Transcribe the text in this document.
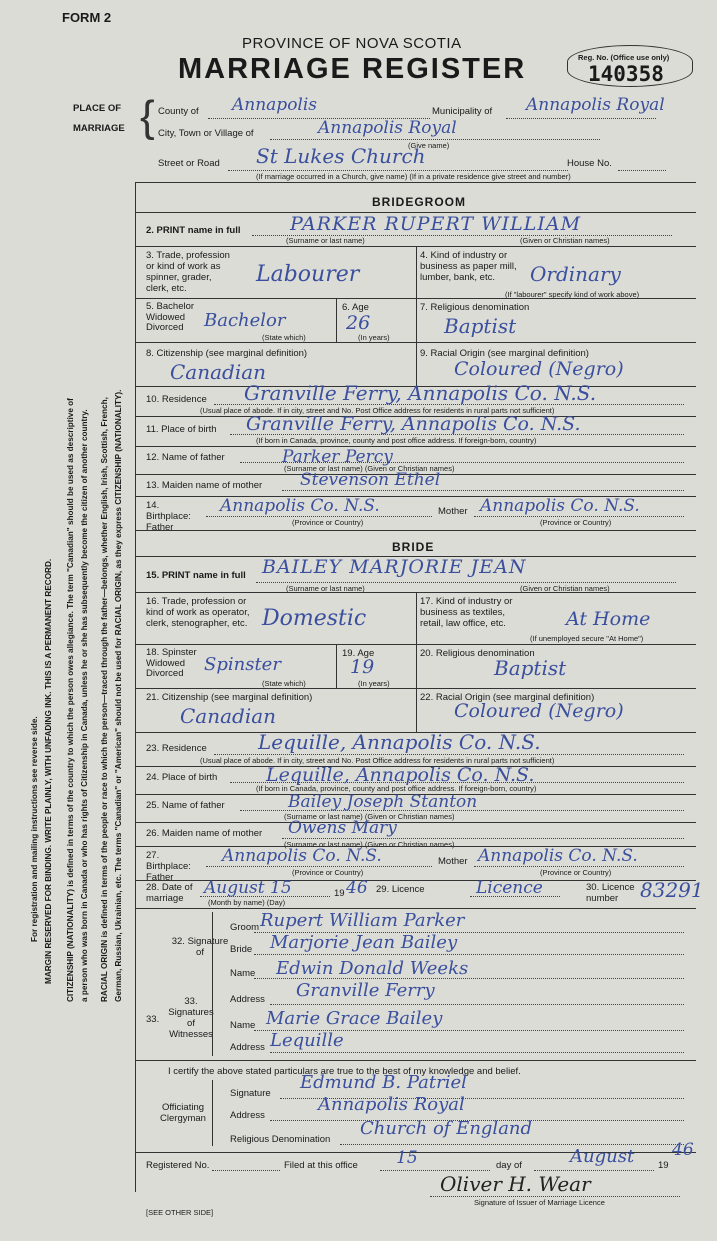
FORM 2
PROVINCE OF NOVA SCOTIA
MARRIAGE REGISTER	Reg. No. (Office use only)
140358
PLACE OF
MARRIAGE { County of Annapolis	Municipality of Annapolis Royal
City, Town or Village of	Annapolis Royal
(Give name)
Street or Road St Lukes Church	House No.
(If marriage occurred in a Church, give name) (If in a private residence give street and number)
For registration and mailing instructions see reverse side. MARGIN RESERVED FOR BINDING. WRITE PLAINLY, WITH UNFADING INK. THIS IS A PERMANENT RECORD. CITIZENSHIP (NATIONALITY) is defined in terms of the country to which the person owes allegiance. The term "Canadian" should be used as descriptive of a person who was born in Canada or who has rights of Citizenship in Canada, unless he or she has subsequently become the citizen of another country. RACIAL ORIGIN is defined in terms of the people or race to which the person—traced through the father—belongs, whether English, Irish, Scottish, French, German, Russian, Ukrainian, etc. The terms "Canadian" or "American" should not be used for RACIAL ORIGIN, as they express CITIZENSHIP (NATIONALITY).
BRIDEGROOM
2. PRINT name in full	PARKER RUPERT WILLIAM
(Surname or last name)	(Given or Christian names)
3. Trade, profession or kind of work as spinner, grader, clerk, etc.
Labourer
4. Kind of industry or business as paper mill, lumber, bank, etc.	Ordinary
(If "labourer" specify kind of work above)
5. Bachelor Widowed Divorced	Bachelor
(State which)
6. Age
26
(In years)
7. Religious denomination
Baptist
8. Citizenship (see marginal definition)
Canadian
9. Racial Origin (see marginal definition)
Coloured (Negro)
10. Residence Granville Ferry, Annapolis Co. N.S.
(Usual place of abode. If in city, street and No. Post Office address for residents in rural parts not sufficient)
11. Place of birth Granville Ferry, Annapolis Co. N.S.
(If born in Canada, province, county and post office address. If foreign-born, country)
12. Name of father	Parker Percy
(Surname or last name) (Given or Christian names)
13. Maiden name of mother Stevenson Ethel
14. Birthplace: Father
Annapolis Co. N.S.	Mother Annapolis Co. N.S.
(Province or Country)	(Province or Country)
BRIDE
15. PRINT name in full BAILEY MARJORIE JEAN
(Surname or last name)	(Given or Christian names)
16. Trade, profession or kind of work as operator, clerk, stenographer, etc. Domestic
17. Kind of industry or business as textiles, retail, law office, etc.	At Home
(If unemployed secure "At Home")
18. Spinster Widowed Divorced	Spinster
(State which)
19. Age
19
(In years)
20. Religious denomination
Baptist
21. Citizenship (see marginal definition)
Canadian
22. Racial Origin (see marginal definition)
Coloured (Negro)
23. Residence	Lequille, Annapolis Co. N.S.
(Usual place of abode. If in city, street and No. Post Office address for residents in rural parts not sufficient)
24. Place of birth	Lequille, Annapolis Co. N.S.
(If born in Canada, province, county and post office address. If foreign-born, country)
25. Name of father	Bailey Joseph Stanton
(Surname or last name) (Given or Christian names)
26. Maiden name of mother Owens Mary
(Surname or last name) (Given or Christian names)
27. Birthplace: Father
Annapolis Co. N.S.	Mother Annapolis Co. N.S.
(Province or Country)	(Province or Country)
28. Date of marriage
August 15	19 46
(Month by name) (Day)
29. Licence	Licence	30. Licence number	83291
32. Signature of
Groom Rupert William Parker
Bride Marjorie Jean Bailey
33.
33. Signatures of Witnesses
Name Edwin Donald Weeks
Address Granville Ferry
Name Marie Grace Bailey
Address Lequille
I certify the above stated particulars are true to the best of my knowledge and belief.
Officiating Clergyman
Signature
Edmund B. Patriel
Address
Annapolis Royal
Religious Denomination
Church of England
Registered No.	Filed at this office 15	day of	August	19
46
Oliver H. Wear
Signature of Issuer of Marriage Licence
[SEE OTHER SIDE]
